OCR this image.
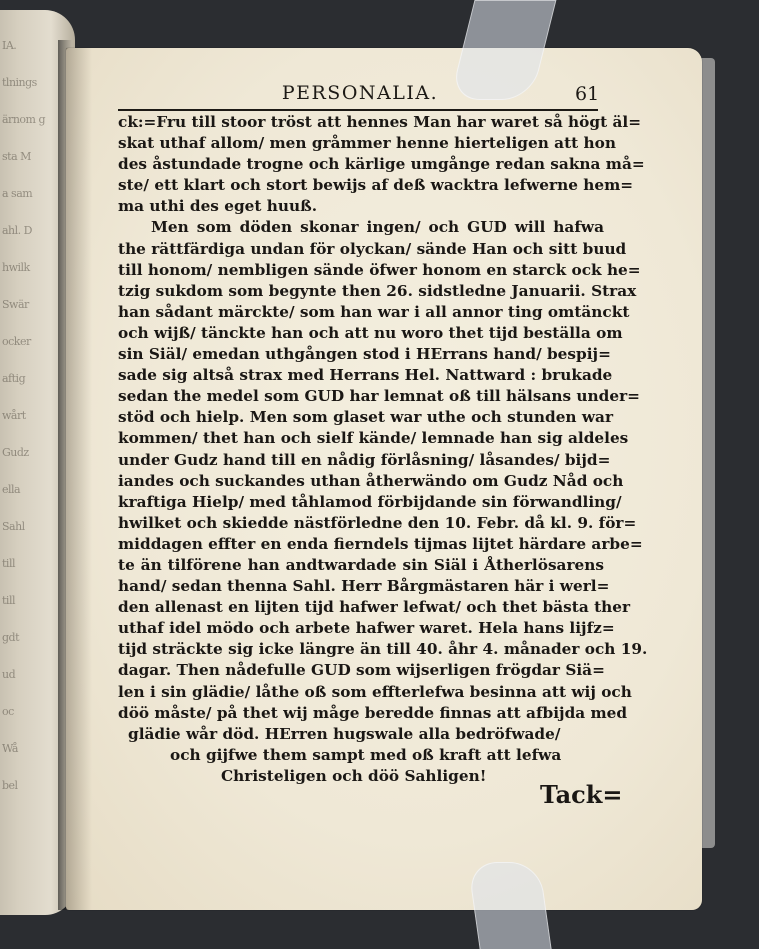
IA.
tlnings
ärnom g
sta M
a sam
ahl. D
hwilk
Swär
ocker
aftig
wårt
Gudz
ella
Sahl
till
till
gdt
ud
oc
Wå
bel
PERSONALIA.	61
ck:=Fru till stoor tröst att hennes Man har waret så högt äl=
skat uthaf allom/ men gråmmer henne hierteligen att hon
des åstundade trogne och kärlige umgånge redan sakna må=
ste/ ett klart och stort bewijs af deß wacktra lefwerne hem=
ma uthi des eget huuß.
Men som döden skonar ingen/ och GUD will hafwa
the rättfärdiga undan för olyckan/ sände Han och sitt buud
till honom/ nembligen sände öfwer honom en starck ock he=
tzig sukdom som begynte then 26. sidstledne Januarii. Strax
han sådant märckte/ som han war i all annor ting omtänckt
och wijß/ tänckte han och att nu woro thet tijd beställa om
sin Siäl/ emedan uthgången stod i HErrans hand/ bespij=
sade sig altså strax med Herrans Hel. Nattward : brukade
sedan the medel som GUD har lemnat oß till hälsans under=
stöd och hielp. Men som glaset war uthe och stunden war
kommen/ thet han och sielf kände/ lemnade han sig aldeles
under Gudz hand till en nådig förlåsning/ låsandes/ bijd=
iandes och suckandes uthan åtherwändo om Gudz Nåd och
kraftiga Hielp/ med tåhlamod förbijdande sin förwandling/
hwilket och skiedde nästförledne den 10. Febr. då kl. 9. för=
middagen effter en enda fierndels tijmas lijtet härdare arbe=
te än tilförene han andtwardade sin Siäl i Åtherlösarens
hand/ sedan thenna Sahl. Herr Bårgmästaren här i werl=
den allenast en lijten tijd hafwer lefwat/ och thet bästa ther
uthaf idel mödo och arbete hafwer waret. Hela hans lijfz=
tijd sträckte sig icke längre än till 40. åhr 4. månader och 19.
dagar. Then nådefulle GUD som wijserligen frögdar Siä=
len i sin glädie/ låthe oß som effterlefwa besinna att wij och
döö måste/ på thet wij måge beredde finnas att afbijda med
glädie wår död. HErren hugswale alla bedröfwade/
och gijfwe them sampt med oß kraft att lefwa
Christeligen och döö Sahligen!
Tack=
